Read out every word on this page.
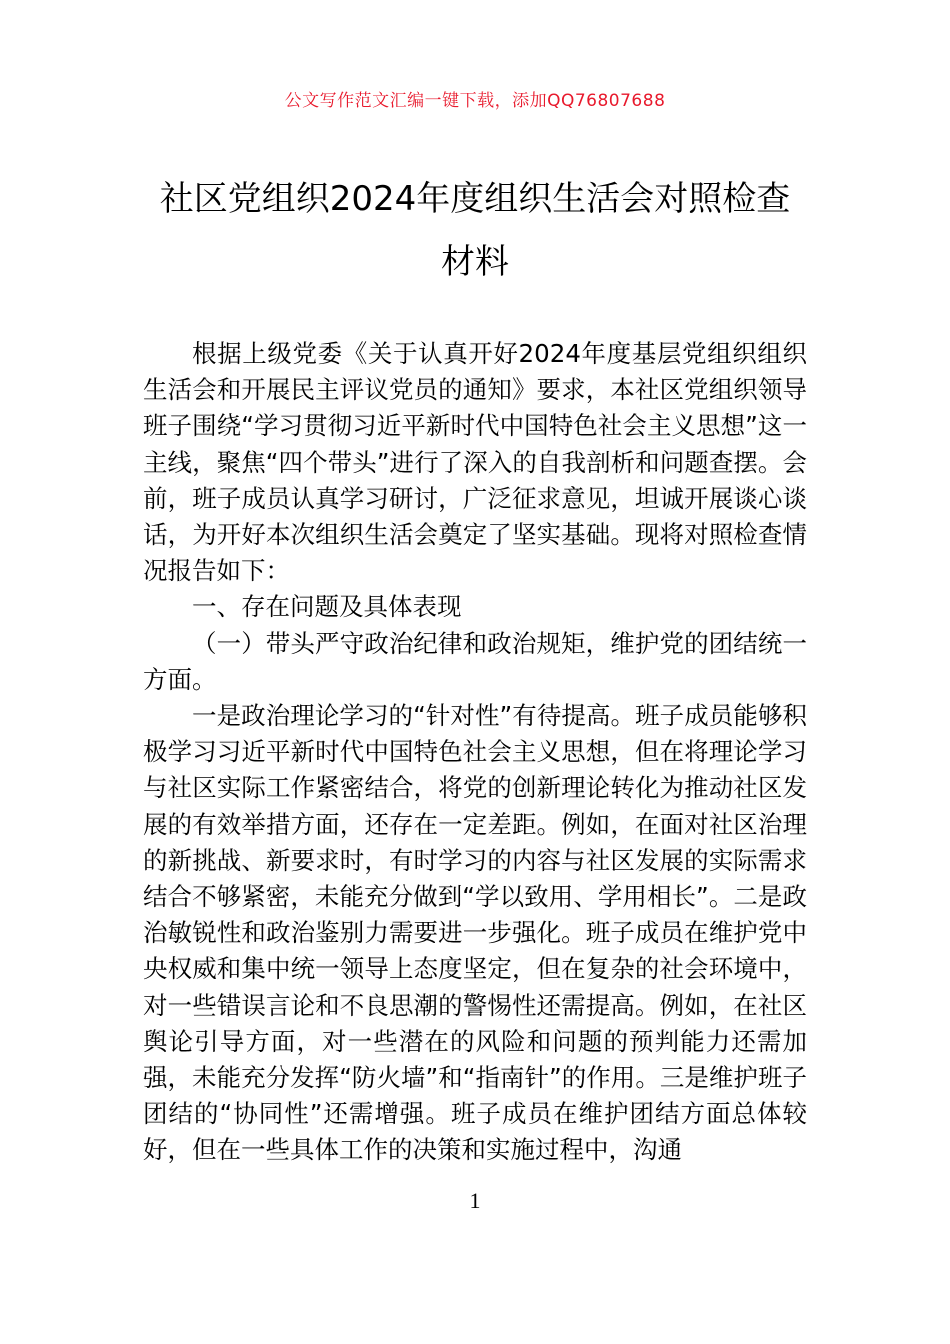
公文写作范文汇编一键下载，添加QQ76807688
社区党组织2024年度组织生活会对照检查
材料

根据上级党委《关于认真开好2024年度基层党组织组织生活会和开展民主评议党员的通知》要求，本社区党组织领导班子围绕“学习贯彻习近平新时代中国特色社会主义思想”这一主线，聚焦“四个带头”进行了深入的自我剖析和问题查摆。会前，班子成员认真学习研讨，广泛征求意见，坦诚开展谈心谈话，为开好本次组织生活会奠定了坚实基础。现将对照检查情况报告如下：

一、存在问题及具体表现

（一）带头严守政治纪律和政治规矩，维护党的团结统一方面。

一是政治理论学习的“针对性”有待提高。班子成员能够积极学习习近平新时代中国特色社会主义思想，但在将理论学习与社区实际工作紧密结合，将党的创新理论转化为推动社区发展的有效举措方面，还存在一定差距。例如，在面对社区治理的新挑战、新要求时，有时学习的内容与社区发展的实际需求结合不够紧密，未能充分做到“学以致用、学用相长”。二是政治敏锐性和政治鉴别力需要进一步强化。班子成员在维护党中央权威和集中统一领导上态度坚定，但在复杂的社会环境中，对一些错误言论和不良思潮的警惕性还需提高。例如，在社区舆论引导方面，对一些潜在的风险和问题的预判能力还需加强，未能充分发挥“防火墙”和“指南针”的作用。三是维护班子团结的“协同性”还需增强。班子成员在维护团结方面总体较好，但在一些具体工作的决策和实施过程中，沟通

1
